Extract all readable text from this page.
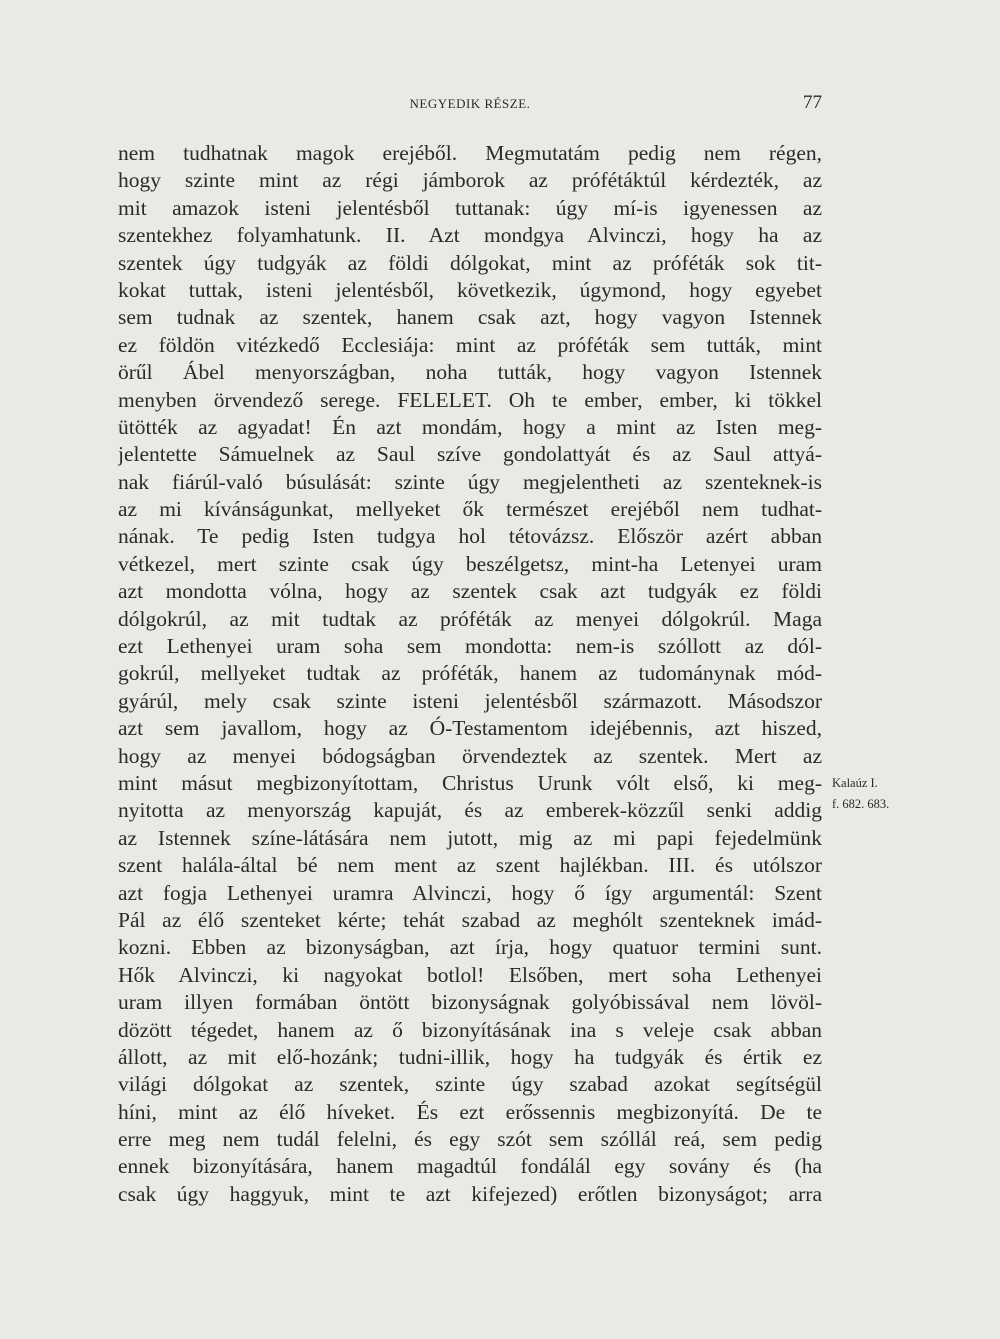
NEGYEDIK RÉSZE.	77
nem tudhatnak magok erejéből. Megmutatám pedig nem régen,
hogy szinte mint az régi jámborok az prófétáktúl kérdezték, az
mit amazok isteni jelentésből tuttanak: úgy mí-is igyenessen az
szentekhez folyamhatunk. II. Azt mondgya Alvinczi, hogy ha az
szentek úgy tudgyák az földi dólgokat, mint az próféták sok tit-
kokat tuttak, isteni jelentésből, következik, úgymond, hogy egyebet
sem tudnak az szentek, hanem csak azt, hogy vagyon Istennek
ez földön vitézkedő Ecclesiája: mint az próféták sem tutták, mint
örűl Ábel menyországban, noha tutták, hogy vagyon Istennek
menyben örvendező serege. FELELET. Oh te ember, ember, ki tökkel
ütötték az agyadat! Én azt mondám, hogy a mint az Isten meg-
jelentette Sámuelnek az Saul szíve gondolattyát és az Saul attyá-
nak fiárúl-való búsulását: szinte úgy megjelentheti az szenteknek-is
az mi kívánságunkat, mellyeket ők természet erejéből nem tudhat-
nának. Te pedig Isten tudgya hol tétovázsz. Először azért abban
vétkezel, mert szinte csak úgy beszélgetsz, mint-ha Letenyei uram
azt mondotta vólna, hogy az szentek csak azt tudgyák ez földi
dólgokrúl, az mit tudtak az próféták az menyei dólgokrúl. Maga
ezt Lethenyei uram soha sem mondotta: nem-is szóllott az dól-
gokrúl, mellyeket tudtak az próféták, hanem az tudománynak mód-
gyárúl, mely csak szinte isteni jelentésből származott. Másodszor
azt sem javallom, hogy az Ó-Testamentom idejébennis, azt hiszed,
hogy az menyei bódogságban örvendeztek az szentek. Mert az
mint másut megbizonyítottam, Christus Urunk vólt első, ki meg-
nyitotta az menyország kapuját, és az emberek-közzűl senki addig
az Istennek színe-látására nem jutott, mig az mi papi fejedelmünk
szent halála-által bé nem ment az szent hajlékban. III. és utólszor
azt fogja Lethenyei uramra Alvinczi, hogy ő így argumentál: Szent
Pál az élő szenteket kérte; tehát szabad az meghólt szenteknek imád-
kozni. Ebben az bizonyságban, azt írja, hogy quatuor termini sunt.
Hők Alvinczi, ki nagyokat botlol! Elsőben, mert soha Lethenyei
uram illyen formában öntött bizonyságnak golyóbissával nem lövöl-
dözött tégedet, hanem az ő bizonyításának ina s veleje csak abban
állott, az mit elő-hozánk; tudni-illik, hogy ha tudgyák és értik ez
világi dólgokat az szentek, szinte úgy szabad azokat segítségül
híni, mint az élő híveket. És ezt erőssennis megbizonyítá. De te
erre meg nem tudál felelni, és egy szót sem szóllál reá, sem pedig
ennek bizonyítására, hanem magadtúl fondálál egy sovány és (ha
csak úgy haggyuk, mint te azt kifejezed) erőtlen bizonyságot; arra
Kalaúz I.
f. 682. 683.
